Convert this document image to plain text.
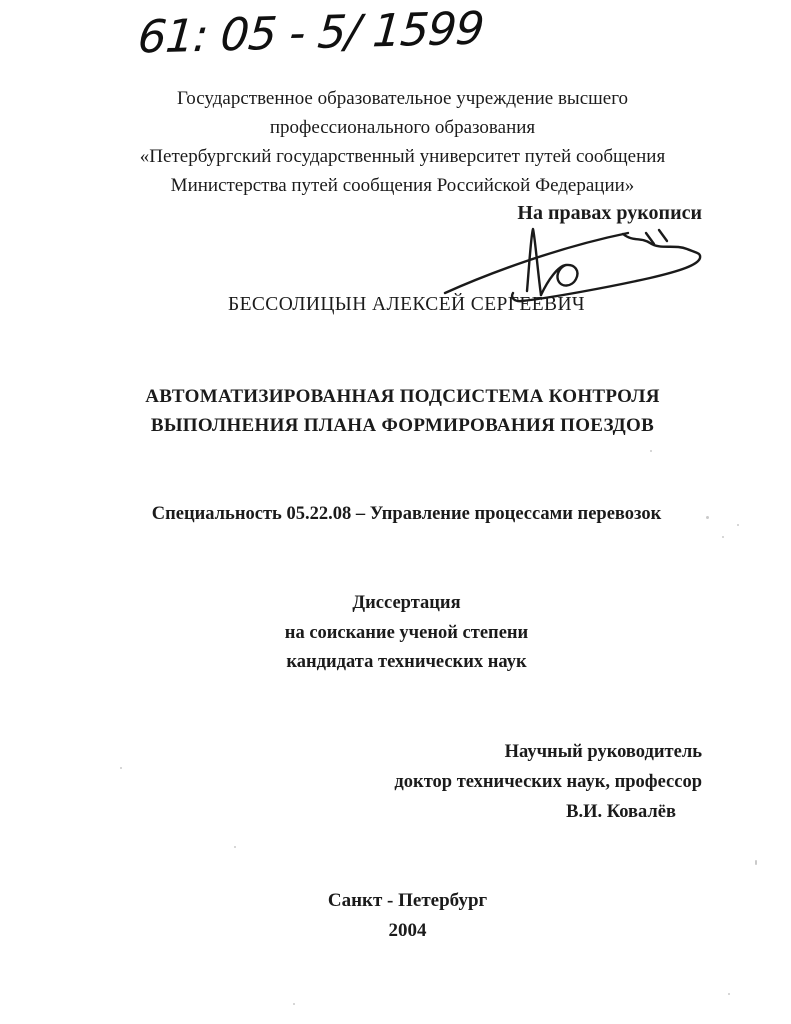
61: 05 - 5/ 1599
Государственное образовательное учреждение высшего
профессионального образования
«Петербургский государственный университет путей сообщения
Министерства путей сообщения Российской Федерации»
На правах рукописи
БЕССОЛИЦЫН АЛЕКСЕЙ СЕРГЕЕВИЧ
АВТОМАТИЗИРОВАННАЯ ПОДСИСТЕМА КОНТРОЛЯ
ВЫПОЛНЕНИЯ ПЛАНА ФОРМИРОВАНИЯ ПОЕЗДОВ
Специальность 05.22.08 – Управление процессами перевозок
Диссертация
на соискание ученой степени
кандидата технических наук
Научный руководитель
доктор технических наук, профессор
В.И. Ковалёв
Санкт - Петербург
2004
